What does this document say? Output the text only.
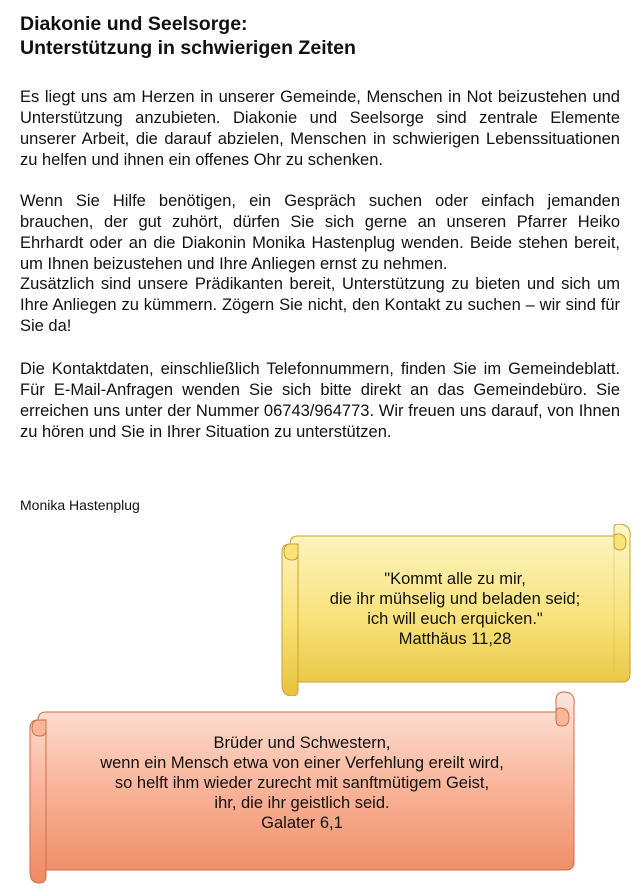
Diakonie und Seelsorge:
Unterstützung in schwierigen Zeiten

Es liegt uns am Herzen in unserer Gemeinde, Menschen in Not beizustehen und Unterstützung anzubieten. Diakonie und Seelsorge sind zentrale Elemente unserer Arbeit, die darauf abzielen, Menschen in schwierigen Lebenssituationen zu helfen und ihnen ein offenes Ohr zu schenken.

Wenn Sie Hilfe benötigen, ein Gespräch suchen oder einfach jemanden brauchen, der gut zuhört, dürfen Sie sich gerne an unseren Pfarrer Heiko Ehrhardt oder an die Diakonin Monika Hastenplug wenden. Beide stehen bereit, um Ihnen beizustehen und Ihre Anliegen ernst zu nehmen.

Zusätzlich sind unsere Prädikanten bereit, Unterstützung zu bieten und sich um Ihre Anliegen zu kümmern. Zögern Sie nicht, den Kontakt zu suchen – wir sind für Sie da!

Die Kontaktdaten, einschließlich Telefonnummern, finden Sie im Gemeindeblatt. Für E-Mail-Anfragen wenden Sie sich bitte direkt an das Gemeindebüro. Sie erreichen uns unter der Nummer 06743/964773. Wir freuen uns darauf, von Ihnen zu hören und Sie in Ihrer Situation zu unterstützen.

Monika Hastenplug

"Kommt alle zu mir,
die ihr mühselig und beladen seid;
ich will euch erquicken."
Matthäus 11,28
Brüder und Schwestern,
wenn ein Mensch etwa von einer Verfehlung ereilt wird,
so helft ihm wieder zurecht mit sanftmütigem Geist,
ihr, die ihr geistlich seid.
Galater 6,1
